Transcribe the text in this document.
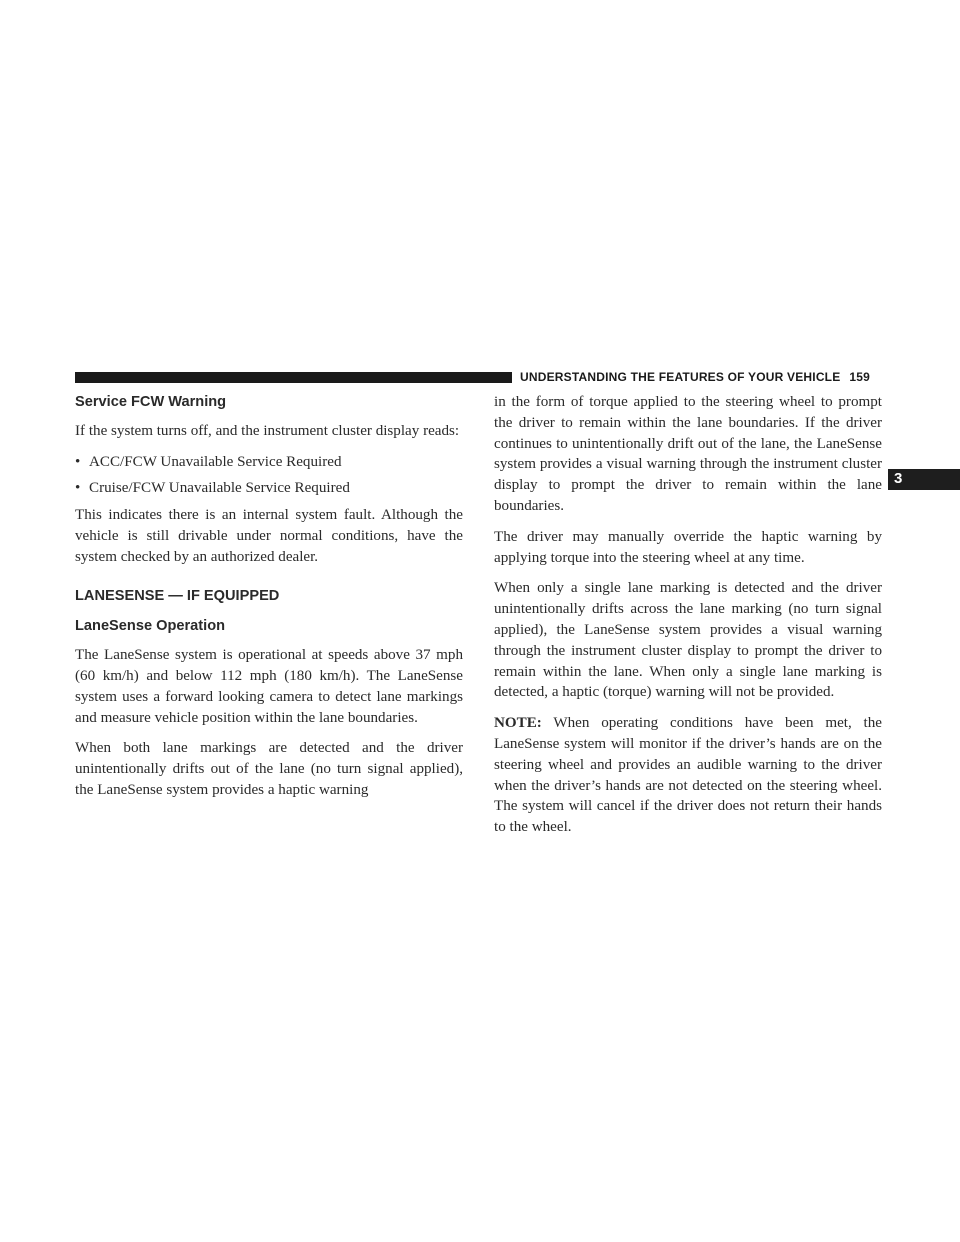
UNDERSTANDING THE FEATURES OF YOUR VEHICLE 159
3
Service FCW Warning

If the system turns off, and the instrument cluster display reads:

• ACC/FCW Unavailable Service Required
• Cruise/FCW Unavailable Service Required

This indicates there is an internal system fault. Although the vehicle is still drivable under normal conditions, have the system checked by an authorized dealer.

LANESENSE — IF EQUIPPED
LaneSense Operation

The LaneSense system is operational at speeds above 37 mph (60 km/h) and below 112 mph (180 km/h). The LaneSense system uses a forward looking camera to detect lane markings and measure vehicle position within the lane boundaries.

When both lane markings are detected and the driver unintentionally drifts out of the lane (no turn signal applied), the LaneSense system provides a haptic warning

in the form of torque applied to the steering wheel to prompt the driver to remain within the lane boundaries. If the driver continues to unintentionally drift out of the lane, the LaneSense system provides a visual warning through the instrument cluster display to prompt the driver to remain within the lane boundaries.

The driver may manually override the haptic warning by applying torque into the steering wheel at any time.

When only a single lane marking is detected and the driver unintentionally drifts across the lane marking (no turn signal applied), the LaneSense system provides a visual warning through the instrument cluster display to prompt the driver to remain within the lane. When only a single lane marking is detected, a haptic (torque) warning will not be provided.

NOTE: When operating conditions have been met, the LaneSense system will monitor if the driver’s hands are on the steering wheel and provides an audible warning to the driver when the driver’s hands are not detected on the steering wheel. The system will cancel if the driver does not return their hands to the wheel.
